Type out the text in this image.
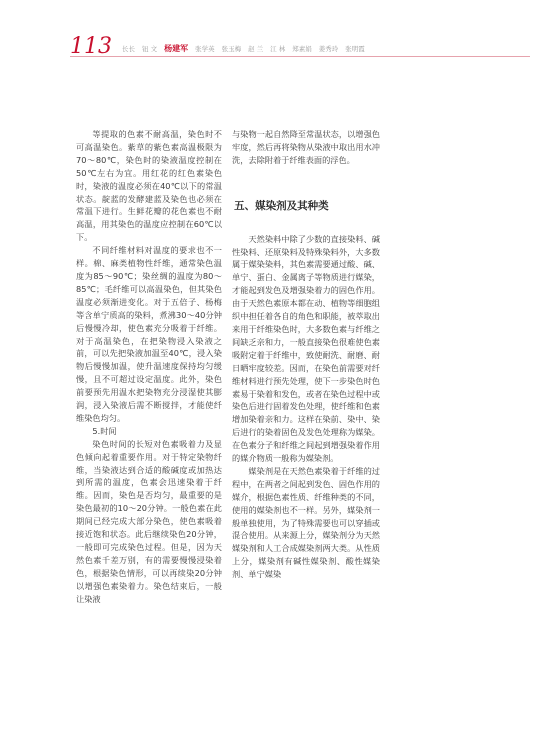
113 长长 钮 文 杨建军 张学英 张玉梅 赵 兰 江 林 郑素娟 姜秀玲 张明霞

等提取的色素不耐高温，染色时不可高温染色。紫草的紫色素高温极限为70～80℃，染色时的染液温度控制在50℃左右为宜。用红花的红色素染色时，染液的温度必须在40℃以下的常温状态。靛蓝的发酵建蓝及染色也必须在常温下进行。生鲜花瓣的花色素也不耐高温，用其染色的温度应控制在60℃以下。

不同纤维材料对温度的要求也不一样。棉、麻类植物性纤维，通常染色温度为85～90℃；染丝绸的温度为80～85℃；毛纤维可以高温染色，但其染色温度必须渐进变化。对于五倍子、杨梅等含单宁质高的染料，煮沸30～40分钟后慢慢冷却，使色素充分吸着于纤维。对于高温染色，在把染物浸入染液之前，可以先把染液加温至40℃，浸入染物后慢慢加温，使升温速度保持均匀缓慢，且不可超过设定温度。此外，染色前要预先用温水把染物充分浸湿使其膨润，浸入染液后需不断搅拌，才能使纤维染色均匀。

5.时间

染色时间的长短对色素吸着力及显色倾向起着重要作用。对于特定染物纤维，当染液达到合适的酸碱度或加热达到所需的温度，色素会迅速染着于纤维。因而，染色是否均匀，最重要的是染色最初的10～20分钟。一般色素在此期间已经完成大部分染色，使色素吸着接近饱和状态。此后继续染色20分钟，一般即可完成染色过程。但是，因为天然色素千差万别，有的需要慢慢浸染着色，根据染色情形，可以再续染20分钟以增强色素染着力。染色结束后，一般让染液

与染物一起自然降至常温状态，以增强色牢度，然后再将染物从染液中取出用水冲洗，去除附着于纤维表面的浮色。

五、媒染剂及其种类

天然染料中除了少数的直接染料、碱性染料、还原染料及特殊染料外，大多数属于媒染染料，其色素需要通过酸、碱、单宁、蛋白、金属离子等物质进行媒染，才能起到发色及增强染着力的固色作用。由于天然色素原本都在动、植物等细胞组织中担任着各自的角色和职能，被萃取出来用于纤维染色时，大多数色素与纤维之间缺乏亲和力，一般直接染色很难使色素吸附定着于纤维中，致使耐洗、耐磨、耐日晒牢度较差。因而，在染色前需要对纤维材料进行预先处理，使下一步染色时色素易于染着和发色，或者在染色过程中或染色后进行固着发色处理，使纤维和色素增加染着亲和力。这样在染前、染中、染后进行的染着固色及发色处理称为媒染。在色素分子和纤维之间起到增强染着作用的媒介物质一般称为媒染剂。

媒染剂是在天然色素染着于纤维的过程中，在两者之间起到发色、固色作用的媒介，根据色素性质、纤维种类的不同，使用的媒染剂也不一样。另外，媒染剂一般单独使用，为了特殊需要也可以穿插或混合使用。从来源上分，媒染剂分为天然媒染剂和人工合成媒染剂两大类。从性质上分，媒染剂有碱性媒染剂、酸性媒染剂、单宁媒染
